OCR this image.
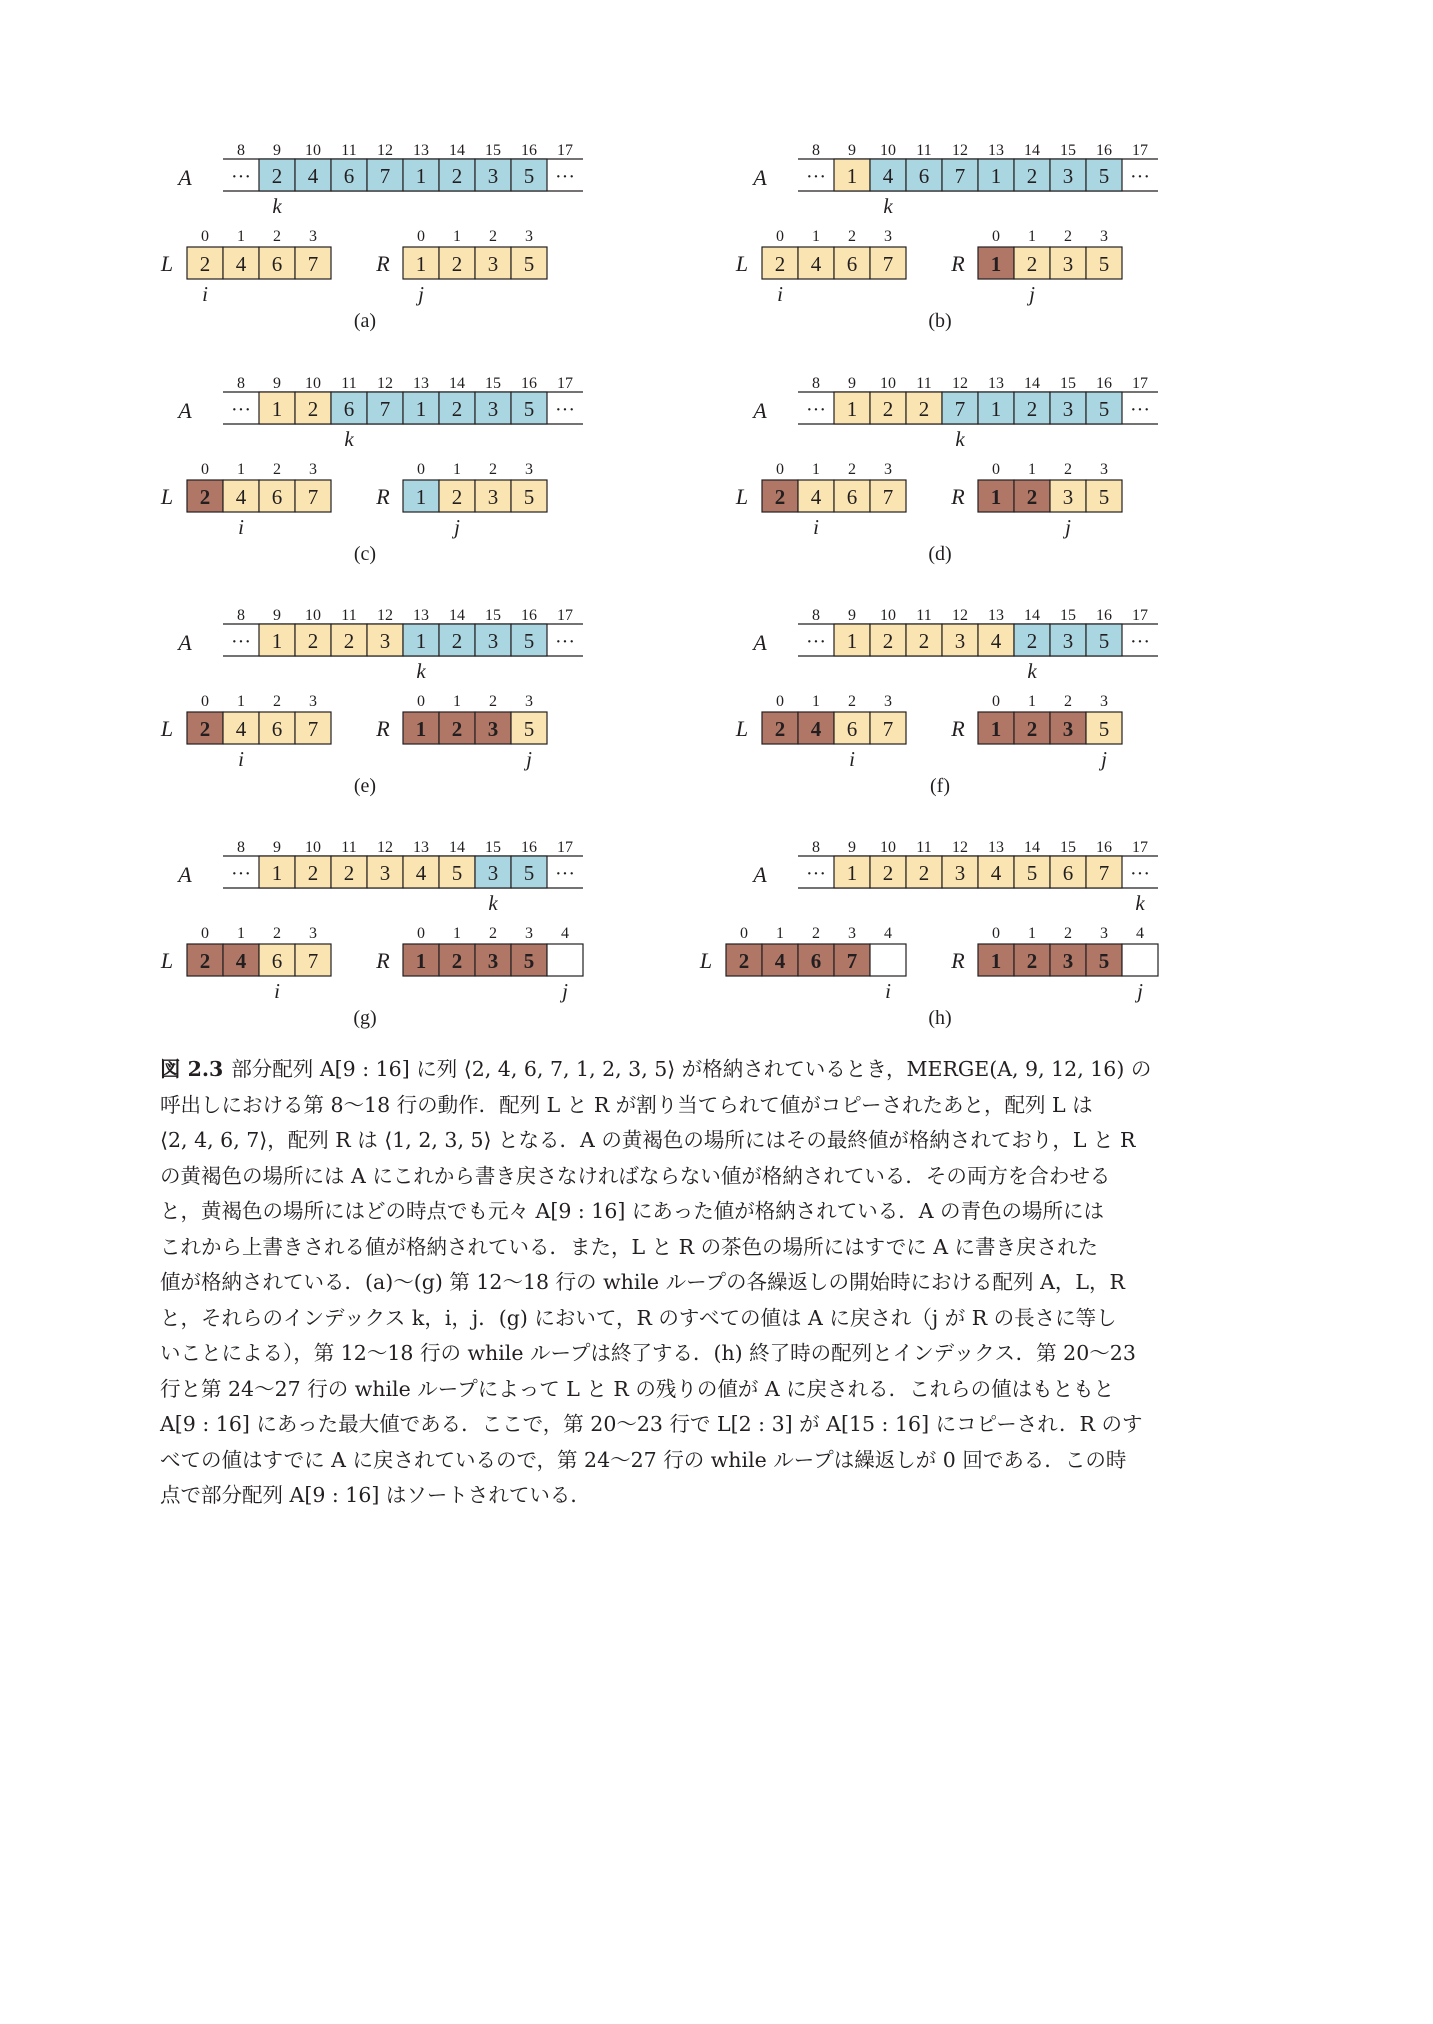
A
8 9 10 11 12 13 14 15 16 17
···	···
2 4 6 7 1 2 3 5
k
L
0 1 2 3
2 4 6 7
i
R
0 1 2 3
1 2 3 5
j
(a)
A
8 9 10 11 12 13 14 15 16 17
···	···
1 4 6 7 1 2 3 5
k
L
0 1 2 3
2 4 6 7
i
R
0 1 2 3
1 2 3 5
j
(b)
A
8 9 10 11 12 13 14 15 16 17
···	···
1 2 6 7 1 2 3 5
k
L
0 1 2 3
2 4 6 7
i
R
0 1 2 3
1 2 3 5
j
(c)
A
8 9 10 11 12 13 14 15 16 17
···	···
1 2 2 7 1 2 3 5
k
L
0 1 2 3
2 4 6 7
i
R
0 1 2 3
1 2 3 5
j
(d)
A
8 9 10 11 12 13 14 15 16 17
···	···
1 2 2 3 1 2 3 5
k
L
0 1 2 3
2 4 6 7
i
R
0 1 2 3
1 2 3 5
j
(e)
A
8 9 10 11 12 13 14 15 16 17
···	···
1 2 2 3 4 2 3 5
k
L
0 1 2 3
2 4 6 7
i
R
0 1 2 3
1 2 3 5
j
(f)
A
8 9 10 11 12 13 14 15 16 17
···	···
1 2 2 3 4 5 3 5
k
L
0 1 2 3
2 4 6 7
i
R
0 1 2 3 4
1 2 3 5
j
(g)
A
8 9 10 11 12 13 14 15 16 17
···	···
1 2 2 3 4 5 6 7
k
L
0 1 2 3 4
2 4 6 7
i
R
0 1 2 3 4
1 2 3 5
j
(h)
図 2.3 部分配列 A[9 : 16] に列 ⟨2, 4, 6, 7, 1, 2, 3, 5⟩ が格納されているとき，MERGE(A, 9, 12, 16) の
呼出しにおける第 8〜18 行の動作．配列 L と R が割り当てられて値がコピーされたあと，配列 L は
⟨2, 4, 6, 7⟩，配列 R は ⟨1, 2, 3, 5⟩ となる．A の黄褐色の場所にはその最終値が格納されており，L と R
の黄褐色の場所には A にこれから書き戻さなければならない値が格納されている．その両方を合わせる
と，黄褐色の場所にはどの時点でも元々 A[9 : 16] にあった値が格納されている．A の青色の場所には
これから上書きされる値が格納されている．また，L と R の茶色の場所にはすでに A に書き戻された
値が格納されている．(a)〜(g) 第 12〜18 行の while ループの各繰返しの開始時における配列 A，L，R
と，それらのインデックス k，i，j．(g) において，R のすべての値は A に戻され（j が R の長さに等し
いことによる），第 12〜18 行の while ループは終了する．(h) 終了時の配列とインデックス．第 20〜23
行と第 24〜27 行の while ループによって L と R の残りの値が A に戻される．これらの値はもともと
A[9 : 16] にあった最大値である．ここで，第 20〜23 行で L[2 : 3] が A[15 : 16] にコピーされ．R のす
べての値はすでに A に戻されているので，第 24〜27 行の while ループは繰返しが 0 回である．この時
点で部分配列 A[9 : 16] はソートされている．
